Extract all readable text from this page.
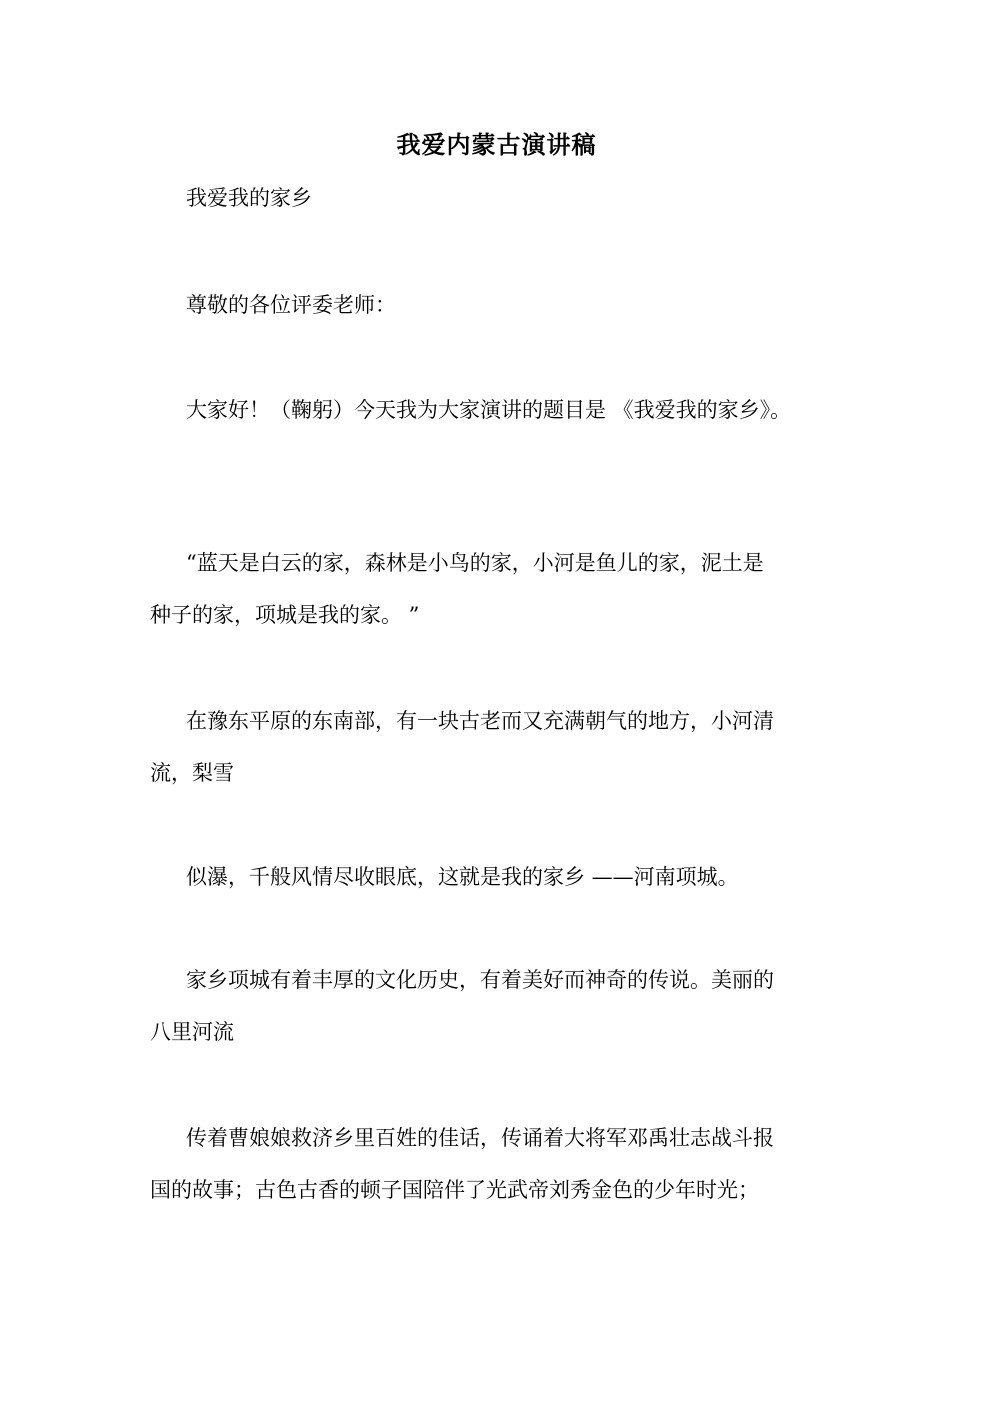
我爱内蒙古演讲稿
我爱我的家乡
尊敬的各位评委老师：
大家好！（鞠躬）今天我为大家演讲的题目是 《我爱我的家乡》。
“蓝天是白云的家，森林是小鸟的家，小河是鱼儿的家，泥土是
种子的家，项城是我的家。 ”
在豫东平原的东南部，有一块古老而又充满朝气的地方，小河清
流，梨雪
似瀑，千般风情尽收眼底，这就是我的家乡 ——河南项城。
家乡项城有着丰厚的文化历史，有着美好而神奇的传说。美丽的
八里河流
传着曹娘娘救济乡里百姓的佳话，传诵着大将军邓禹壮志战斗报
国的故事；古色古香的顿子国陪伴了光武帝刘秀金色的少年时光；
